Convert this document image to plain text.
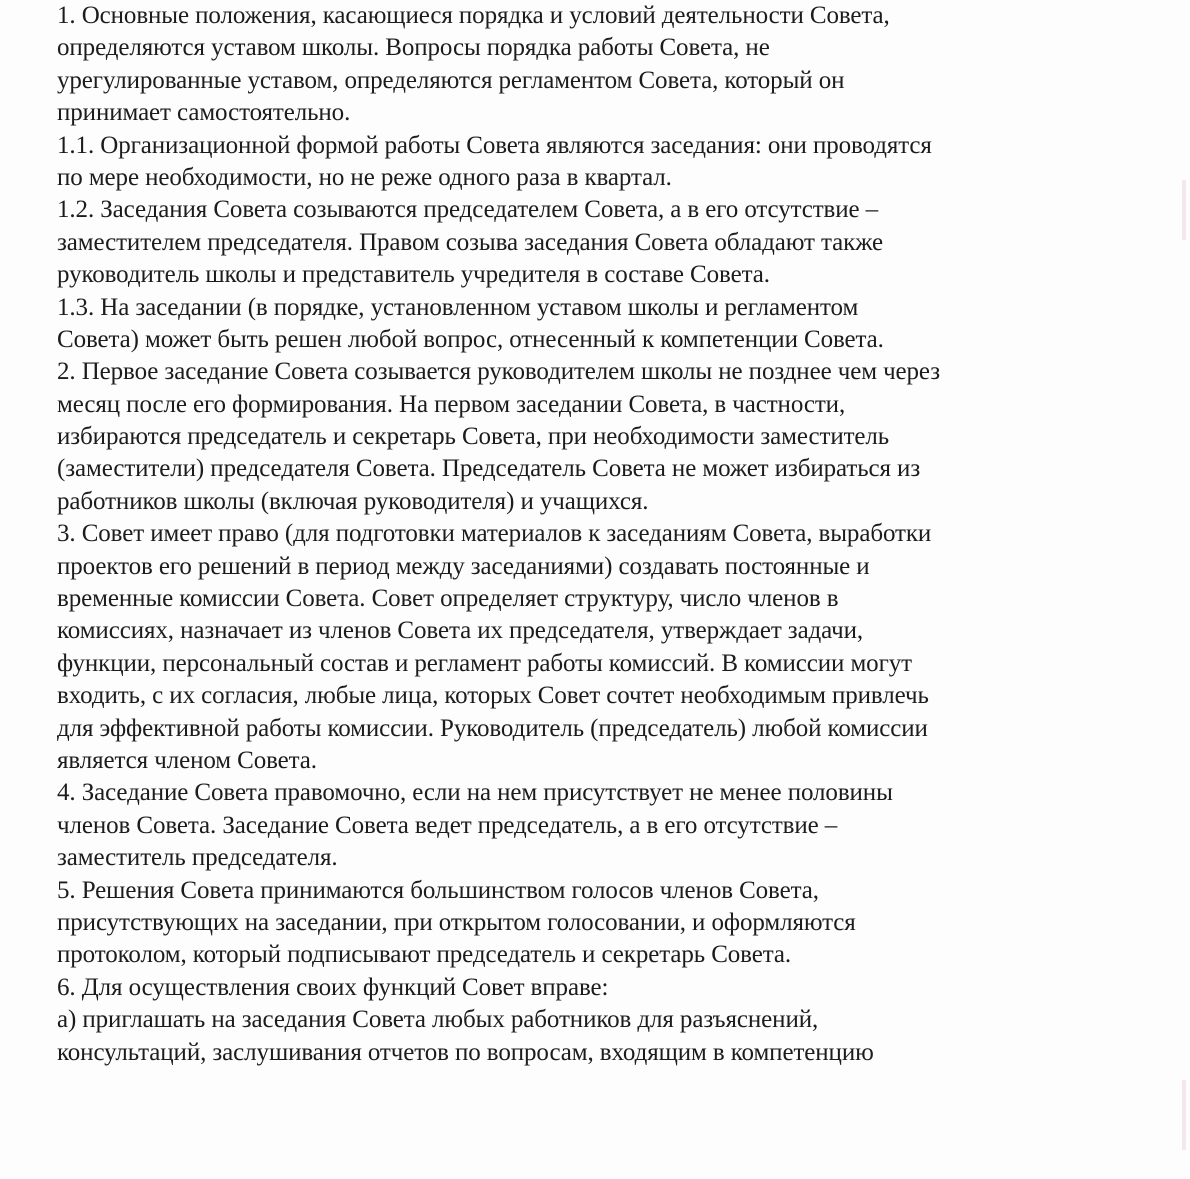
1. Основные положения, касающиеся порядка и условий деятельности Совета,
определяются уставом школы. Вопросы порядка работы Совета, не
урегулированные уставом, определяются регламентом Совета, который он
принимает самостоятельно.
1.1. Организационной формой работы Совета являются заседания: они проводятся
по мере необходимости, но не реже одного раза в квартал.
1.2. Заседания Совета созываются председателем Совета, а в его отсутствие –
заместителем председателя. Правом созыва заседания Совета обладают также
руководитель школы и представитель учредителя в составе Совета.
1.3. На заседании (в порядке, установленном уставом школы и регламентом
Совета) может быть решен любой вопрос, отнесенный к компетенции Совета.
2. Первое заседание Совета созывается руководителем школы не позднее чем через
месяц после его формирования. На первом заседании Совета, в частности,
избираются председатель и секретарь Совета, при необходимости заместитель
(заместители) председателя Совета. Председатель Совета не может избираться из
работников школы (включая руководителя) и учащихся.
3. Совет имеет право (для подготовки материалов к заседаниям Совета, выработки
проектов его решений в период между заседаниями) создавать постоянные и
временные комиссии Совета. Совет определяет структуру, число членов в
комиссиях, назначает из членов Совета их председателя, утверждает задачи,
функции, персональный состав и регламент работы комиссий. В комиссии могут
входить, с их согласия, любые лица, которых Совет сочтет необходимым привлечь
для эффективной работы комиссии. Руководитель (председатель) любой комиссии
является членом Совета.
4. Заседание Совета правомочно, если на нем присутствует не менее половины
членов Совета. Заседание Совета ведет председатель, а в его отсутствие –
заместитель председателя.
5. Решения Совета принимаются большинством голосов членов Совета,
присутствующих на заседании, при открытом голосовании, и оформляются
протоколом, который подписывают председатель и секретарь Совета.
6. Для осуществления своих функций Совет вправе:
а) приглашать на заседания Совета любых работников для разъяснений,
консультаций, заслушивания отчетов по вопросам, входящим в компетенцию
